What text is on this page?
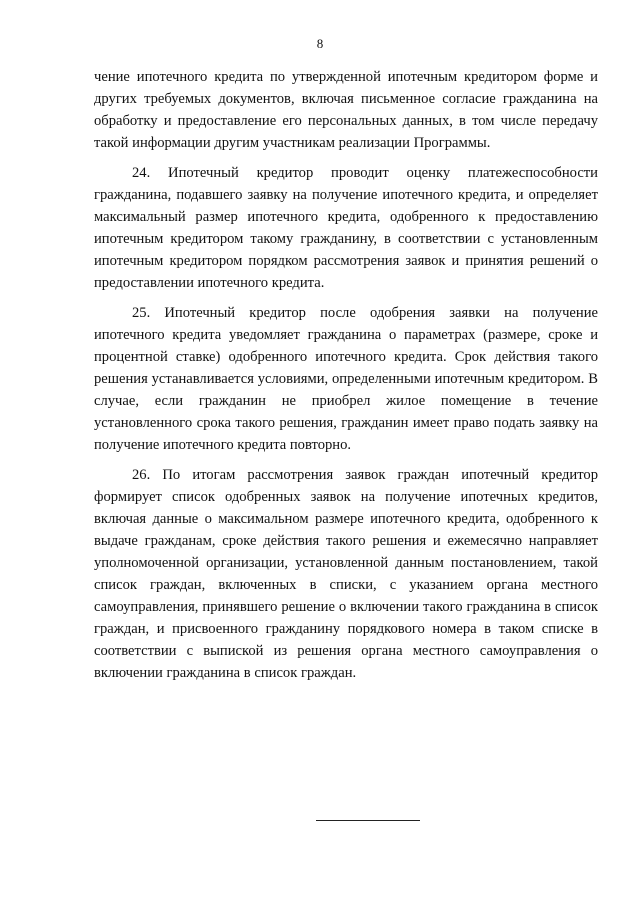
8

чение ипотечного кредита по утвержденной ипотечным кредитором форме и других требуемых документов, включая письменное согласие гражданина на обработку и предоставление его персональных данных, в том числе передачу такой информации другим участникам реализации Программы.

24. Ипотечный кредитор проводит оценку платежеспособности гражданина, подавшего заявку на получение ипотечного кредита, и определяет максимальный размер ипотечного кредита, одобренного к предоставлению ипотечным кредитором такому гражданину, в соответствии с установленным ипотечным кредитором порядком рассмотрения заявок и принятия решений о предоставлении ипотечного кредита.

25. Ипотечный кредитор после одобрения заявки на получение ипотечного кредита уведомляет гражданина о параметрах (размере, сроке и процентной ставке) одобренного ипотечного кредита. Срок действия такого решения устанавливается условиями, определенными ипотечным кредитором. В случае, если гражданин не приобрел жилое помещение в течение установленного срока такого решения, гражданин имеет право подать заявку на получение ипотечного кредита повторно.

26. По итогам рассмотрения заявок граждан ипотечный кредитор формирует список одобренных заявок на получение ипотечных кредитов, включая данные о максимальном размере ипотечного кредита, одобренного к выдаче гражданам, сроке действия такого решения и ежемесячно направляет уполномоченной организации, установленной данным постановлением, такой список граждан, включенных в списки, с указанием органа местного самоуправления, принявшего решение о включении такого гражданина в список граждан, и присвоенного гражданину порядкового номера в таком списке в соответствии с выпиской из решения органа местного самоуправления о включении гражданина в список граждан.
